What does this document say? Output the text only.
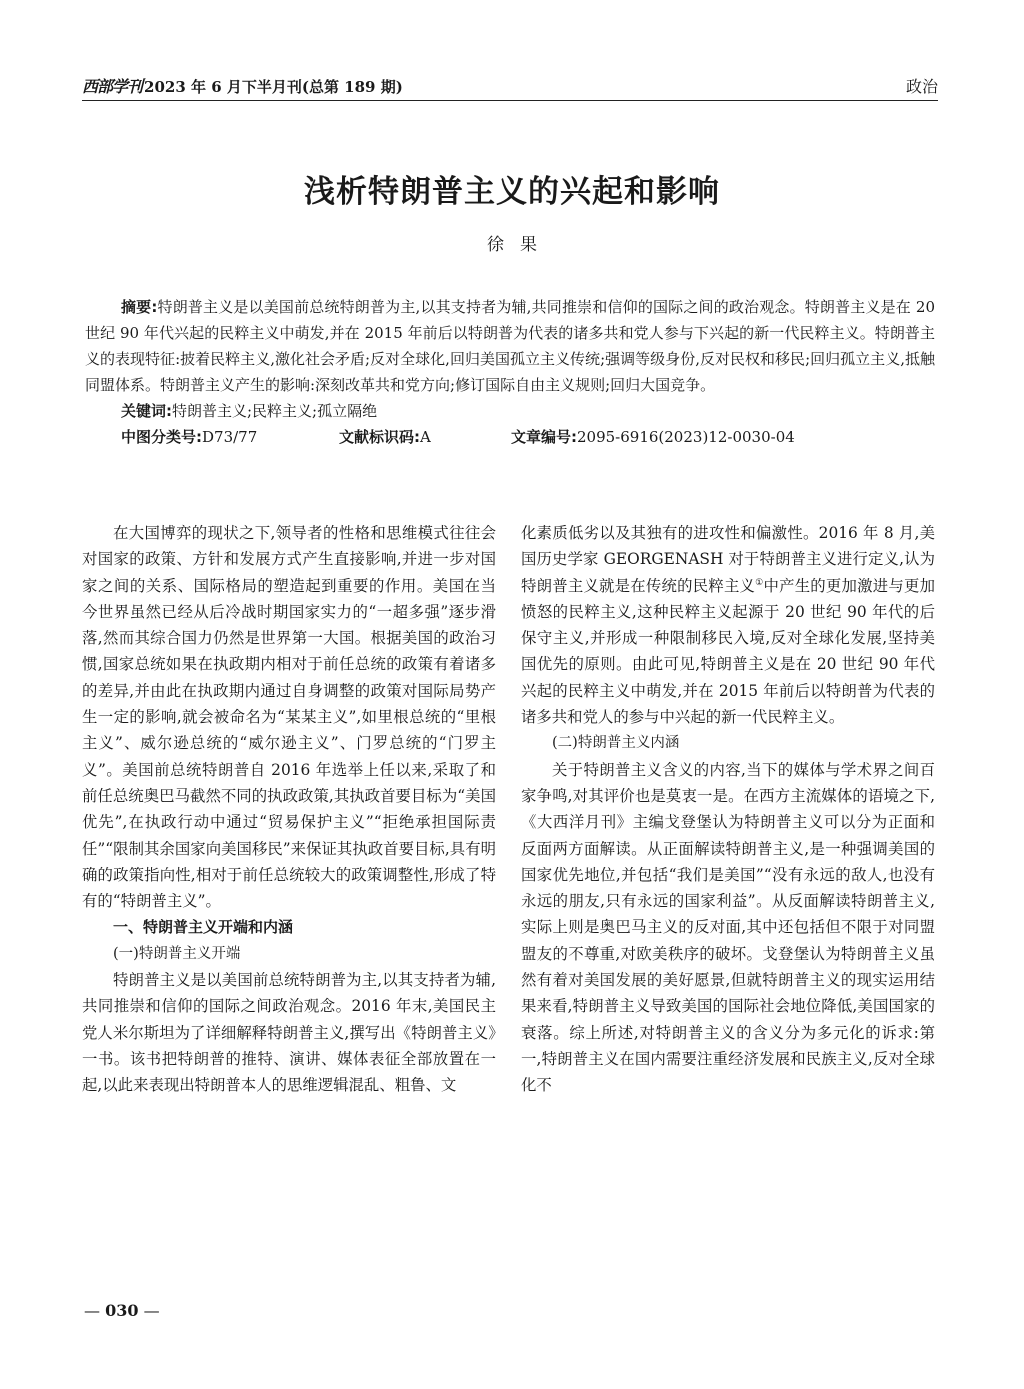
西部学刊 2023 年 6 月下半月刊(总第 189 期)	政治
浅析特朗普主义的兴起和影响
徐果

摘要:特朗普主义是以美国前总统特朗普为主,以其支持者为辅,共同推崇和信仰的国际之间的政治观念。特朗普主义是在 20 世纪 90 年代兴起的民粹主义中萌发,并在 2015 年前后以特朗普为代表的诸多共和党人参与下兴起的新一代民粹主义。特朗普主义的表现特征:披着民粹主义,激化社会矛盾;反对全球化,回归美国孤立主义传统;强调等级身份,反对民权和移民;回归孤立主义,抵触同盟体系。特朗普主义产生的影响:深刻改革共和党方向;修订国际自由主义规则;回归大国竞争。

关键词:特朗普主义;民粹主义;孤立隔绝

中图分类号:D73/77	文献标识码:A	文章编号:2095-6916(2023)12-0030-04

在大国博弈的现状之下,领导者的性格和思维模式往往会对国家的政策、方针和发展方式产生直接影响,并进一步对国家之间的关系、国际格局的塑造起到重要的作用。美国在当今世界虽然已经从后冷战时期国家实力的“一超多强”逐步滑落,然而其综合国力仍然是世界第一大国。根据美国的政治习惯,国家总统如果在执政期内相对于前任总统的政策有着诸多的差异,并由此在执政期内通过自身调整的政策对国际局势产生一定的影响,就会被命名为“某某主义”,如里根总统的“里根主义”、威尔逊总统的“威尔逊主义”、门罗总统的“门罗主义”。美国前总统特朗普自 2016 年选举上任以来,采取了和前任总统奥巴马截然不同的执政政策,其执政首要目标为“美国优先”,在执政行动中通过“贸易保护主义”“拒绝承担国际责任”“限制其余国家向美国移民”来保证其执政首要目标,具有明确的政策指向性,相对于前任总统较大的政策调整性,形成了特有的“特朗普主义”。

一、特朗普主义开端和内涵

(一)特朗普主义开端

特朗普主义是以美国前总统特朗普为主,以其支持者为辅,共同推崇和信仰的国际之间政治观念。2016 年末,美国民主党人米尔斯坦为了详细解释特朗普主义,撰写出《特朗普主义》一书。该书把特朗普的推特、演讲、媒体表征全部放置在一起,以此来表现出特朗普本人的思维逻辑混乱、粗鲁、文

化素质低劣以及其独有的进攻性和偏激性。2016 年 8 月,美国历史学家 GEORGENASH 对于特朗普主义进行定义,认为特朗普主义就是在传统的民粹主义①中产生的更加激进与更加愤怒的民粹主义,这种民粹主义起源于 20 世纪 90 年代的后保守主义,并形成一种限制移民入境,反对全球化发展,坚持美国优先的原则。由此可见,特朗普主义是在 20 世纪 90 年代兴起的民粹主义中萌发,并在 2015 年前后以特朗普为代表的诸多共和党人的参与中兴起的新一代民粹主义。

(二)特朗普主义内涵

关于特朗普主义含义的内容,当下的媒体与学术界之间百家争鸣,对其评价也是莫衷一是。在西方主流媒体的语境之下,《大西洋月刊》主编戈登堡认为特朗普主义可以分为正面和反面两方面解读。从正面解读特朗普主义,是一种强调美国的国家优先地位,并包括“我们是美国”“没有永远的敌人,也没有永远的朋友,只有永远的国家利益”。从反面解读特朗普主义,实际上则是奥巴马主义的反对面,其中还包括但不限于对同盟盟友的不尊重,对欧美秩序的破坏。戈登堡认为特朗普主义虽然有着对美国发展的美好愿景,但就特朗普主义的现实运用结果来看,特朗普主义导致美国的国际社会地位降低,美国国家的衰落。综上所述,对特朗普主义的含义分为多元化的诉求:第一,特朗普主义在国内需要注重经济发展和民族主义,反对全球化不

— 030 —
